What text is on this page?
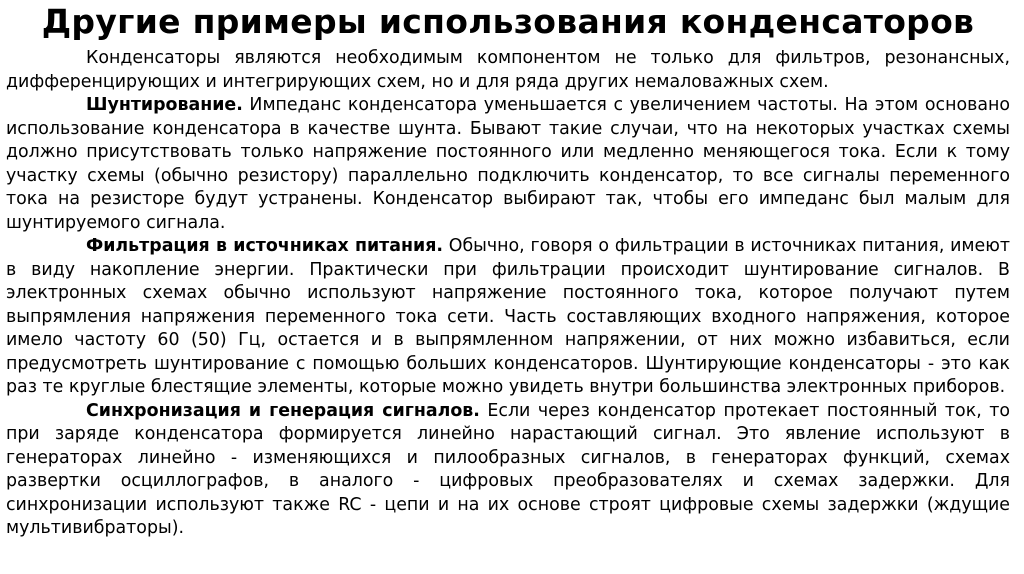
Другие примеры использования конденсаторов

Конденсаторы являются необходимым компонентом не только для фильтров, резонансных, дифференцирующих и интегрирующих схем, но и для ряда других немаловажных схем.

Шунтирование. Импеданс конденсатора уменьшается с увеличением частоты. На этом основано использование конденсатора в качестве шунта. Бывают такие случаи, что на некоторых участках схемы должно присутствовать только напряжение постоянного или медленно меняющегося тока. Если к тому участку схемы (обычно резистору) параллельно подключить конденсатор, то все сигналы переменного тока на резисторе будут устранены. Конденсатор выбирают так, чтобы его импеданс был малым для шунтируемого сигнала.

Фильтрация в источниках питания. Обычно, говоря о фильтрации в источниках питания, имеют в виду накопление энергии. Практически при фильтрации происходит шунтирование сигналов. В электронных схемах обычно используют напряжение постоянного тока, которое получают путем выпрямления напряжения переменного тока сети. Часть составляющих входного напряжения, которое имело частоту 60 (50) Гц, остается и в выпрямленном напряжении, от них можно избавиться, если предусмотреть шунтирование с помощью больших конденсаторов. Шунтирующие конденсаторы - это как раз те круглые блестящие элементы, которые можно увидеть внутри большинства электронных приборов.

Синхронизация и генерация сигналов. Если через конденсатор протекает постоянный ток, то при заряде конденсатора формируется линейно нарастающий сигнал. Это явление используют в генераторах линейно - изменяющихся и пилообразных сигналов, в генераторах функций, схемах развертки осциллографов, в аналого - цифровых преобразователях и схемах задержки. Для синхронизации используют также RC - цепи и на их основе строят цифровые схемы задержки (ждущие мультивибраторы).
